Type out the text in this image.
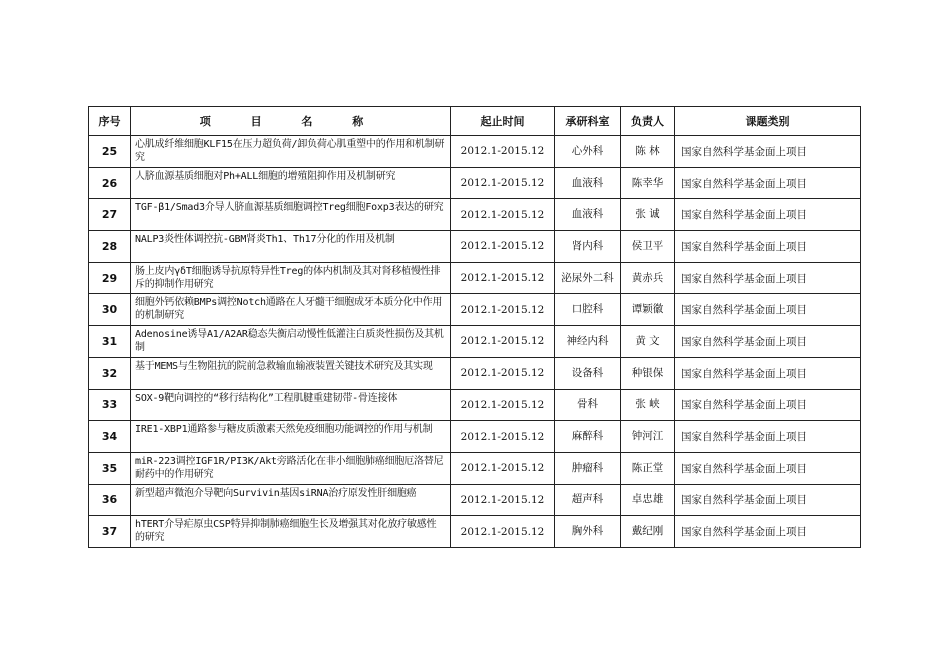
序号	项 目 名 称	起止时间	承研科室	负责人	课题类别
25	心肌成纤维细胞KLF15在压力超负荷/卸负荷心肌重塑中的作用和机制研究	2012.1-2015.12	心外科	陈 林	国家自然科学基金面上项目
26	人脐血源基质细胞对Ph+ALL细胞的增殖阻抑作用及机制研究	2012.1-2015.12	血液科	陈幸华	国家自然科学基金面上项目
27	TGF-β1/Smad3介导人脐血源基质细胞调控Treg细胞Foxp3表达的研究	2012.1-2015.12	血液科	张 诚	国家自然科学基金面上项目
28	NALP3炎性体调控抗-GBM肾炎Th1、Th17分化的作用及机制	2012.1-2015.12	肾内科	侯卫平	国家自然科学基金面上项目
29	肠上皮内γδT细胞诱导抗原特异性Treg的体内机制及其对肾移植慢性排斥的抑制作用研究	2012.1-2015.12	泌尿外二科	黄赤兵	国家自然科学基金面上项目
30	细胞外钙依赖BMPs调控Notch通路在人牙髓干细胞成牙本质分化中作用的机制研究	2012.1-2015.12	口腔科	谭颖徽	国家自然科学基金面上项目
31	Adenosine诱导A1/A2AR稳态失衡启动慢性低灌注白质炎性损伤及其机制	2012.1-2015.12	神经内科	黄 文	国家自然科学基金面上项目
32	基于MEMS与生物阻抗的院前急救输血输液装置关键技术研究及其实现	2012.1-2015.12	设备科	种银保	国家自然科学基金面上项目
33	SOX-9靶向调控的“移行结构化”工程肌腱重建韧带-骨连接体	2012.1-2015.12	骨科	张 峡	国家自然科学基金面上项目
34	IRE1-XBP1通路参与糖皮质激素天然免疫细胞功能调控的作用与机制	2012.1-2015.12	麻醉科	钟河江	国家自然科学基金面上项目
35	miR-223调控IGF1R/PI3K/Akt旁路活化在非小细胞肺癌细胞厄洛替尼耐药中的作用研究	2012.1-2015.12	肿瘤科	陈正堂	国家自然科学基金面上项目
36	新型超声微泡介导靶向Survivin基因siRNA治疗原发性肝细胞癌	2012.1-2015.12	超声科	卓忠雄	国家自然科学基金面上项目
37	hTERT介导疟原虫CSP特异抑制肺癌细胞生长及增强其对化放疗敏感性的研究	2012.1-2015.12	胸外科	戴纪刚	国家自然科学基金面上项目
